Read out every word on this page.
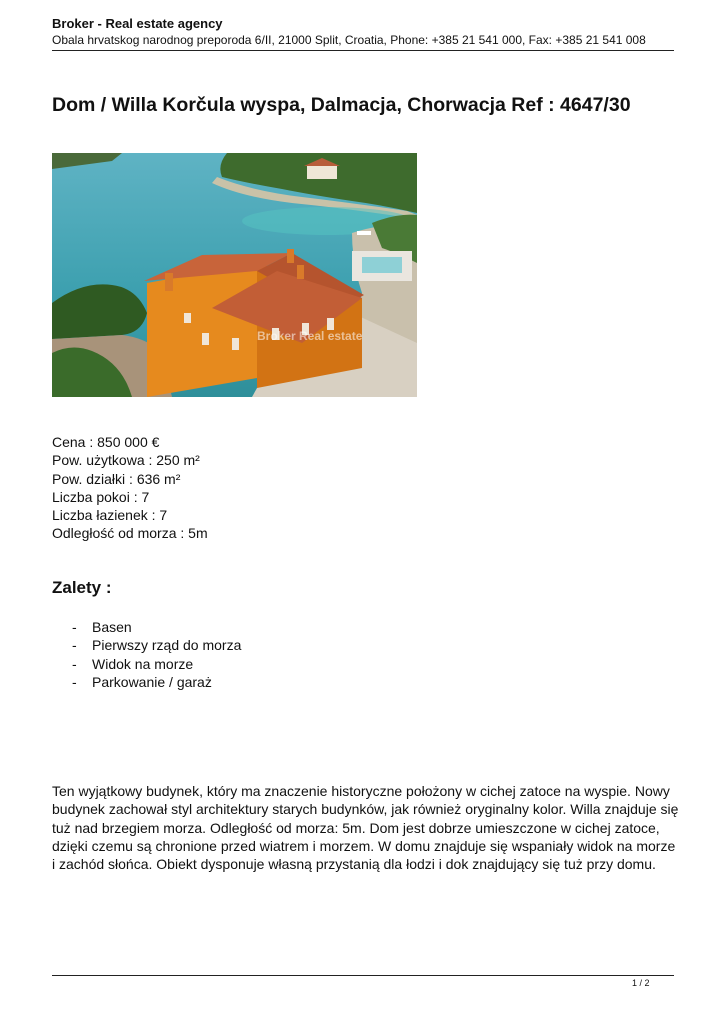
Broker - Real estate agency
Obala hrvatskog narodnog preporoda 6/II, 21000 Split, Croatia, Phone: +385 21 541 000, Fax: +385 21 541 008
Dom / Willa Korčula wyspa, Dalmacja, Chorwacja Ref : 4647/30
Broker Real estate
Cena : 850 000 €
Pow. użytkowa : 250 m²
Pow. działki : 636 m²
Liczba pokoi : 7
Liczba łazienek : 7
Odległość od morza : 5m
Zalety :
- Basen
- Pierwszy rząd do morza
- Widok na morze
- Parkowanie / garaż

Ten wyjątkowy budynek, który ma znaczenie historyczne położony w cichej zatoce na wyspie. Nowy budynek zachował styl architektury starych budynków, jak również oryginalny kolor. Willa znajduje się tuż nad brzegiem morza. Odległość od morza: 5m. Dom jest dobrze umieszczone w cichej zatoce, dzięki czemu są chronione przed wiatrem i morzem. W domu znajduje się wspaniały widok na morze i zachód słońca. Obiekt dysponuje własną przystanią dla łodzi i dok znajdujący się tuż przy domu.

1 / 2
